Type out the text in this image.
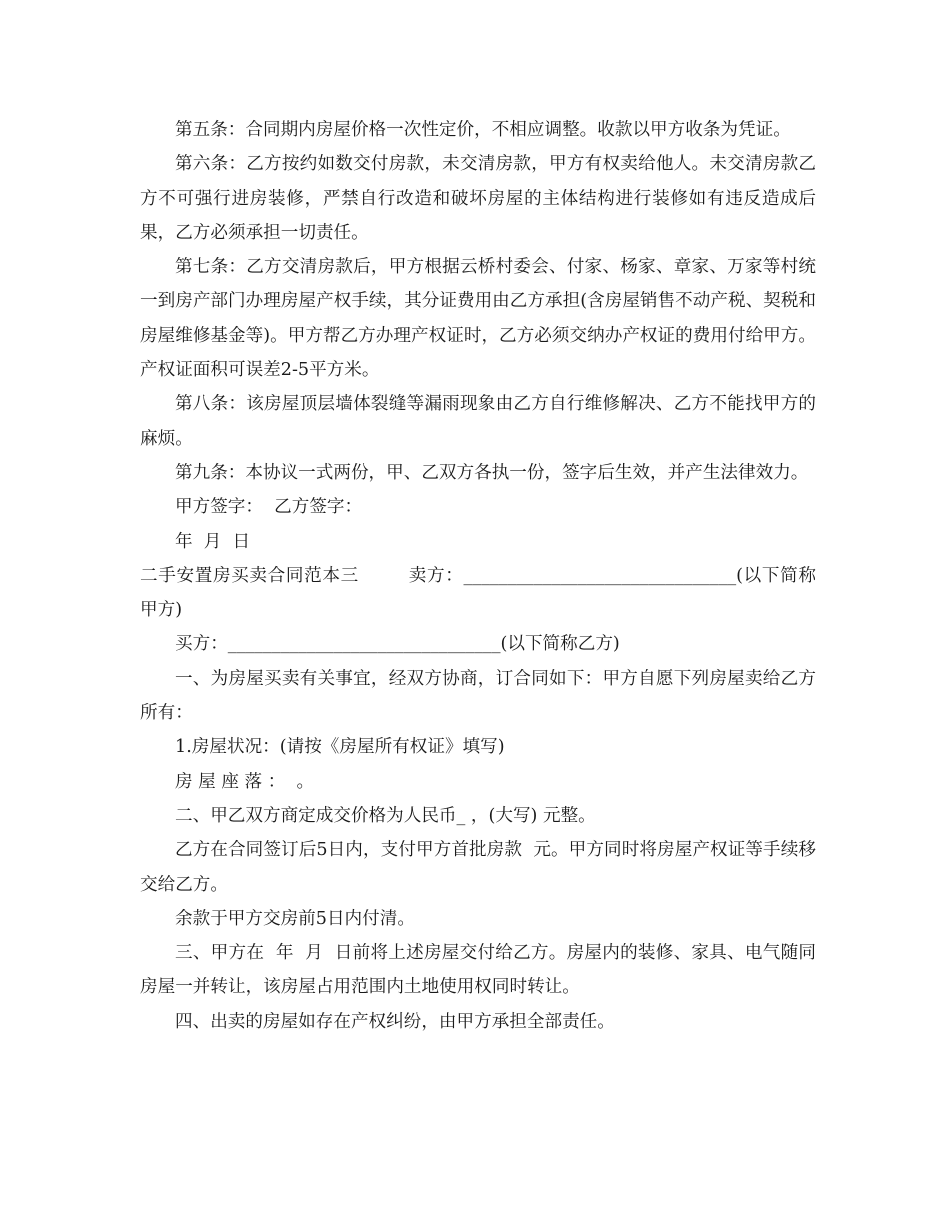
第五条：合同期内房屋价格一次性定价，不相应调整。收款以甲方收条为凭证。

第六条：乙方按约如数交付房款，未交清房款，甲方有权卖给他人。未交清房款乙方不可强行进房装修，严禁自行改造和破坏房屋的主体结构进行装修如有违反造成后果，乙方必须承担一切责任。

第七条：乙方交清房款后，甲方根据云桥村委会、付家、杨家、章家、万家等村统一到房产部门办理房屋产权手续，其分证费用由乙方承担(含房屋销售不动产税、契税和房屋维修基金等)。甲方帮乙方办理产权证时，乙方必须交纳办产权证的费用付给甲方。产权证面积可误差2-5平方米。

第八条：该房屋顶层墙体裂缝等漏雨现象由乙方自行维修解决、乙方不能找甲方的麻烦。

第九条：本协议一式两份，甲、乙双方各执一份，签字后生效，并产生法律效力。

甲方签字：  乙方签字：

年  月  日

二手安置房买卖合同范本三        卖方：_______________________________(以下简称甲方)

买方：_______________________________(以下简称乙方)

一、为房屋买卖有关事宜，经双方协商，订合同如下：甲方自愿下列房屋卖给乙方所有：

1.房屋状况：(请按《房屋所有权证》填写)

房 屋 座 落 ：  。

二、甲乙双方商定成交价格为人民币_ ，(大写) 元整。

乙方在合同签订后5日内，支付甲方首批房款  元。甲方同时将房屋产权证等手续移交给乙方。

余款于甲方交房前5日内付清。

三、甲方在  年  月  日前将上述房屋交付给乙方。房屋内的装修、家具、电气随同房屋一并转让，该房屋占用范围内土地使用权同时转让。

四、出卖的房屋如存在产权纠纷，由甲方承担全部责任。
